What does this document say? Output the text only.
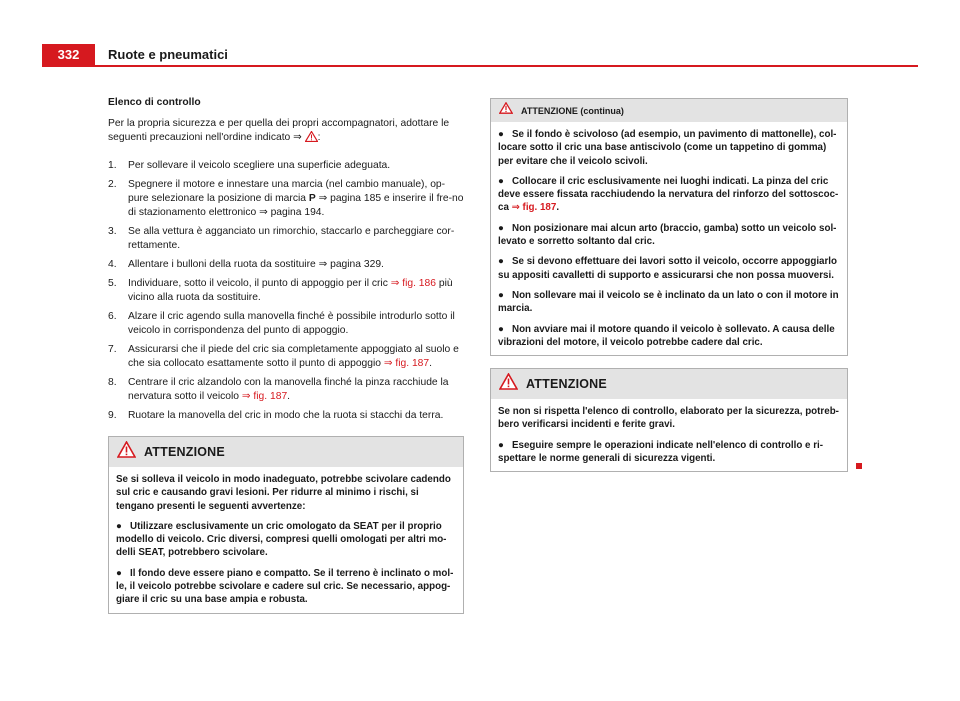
332	Ruote e pneumatici
Elenco di controllo

Per la propria sicurezza e per quella dei propri accompagnatori, adottare le seguenti precauzioni nell'ordine indicato ⇒ :

1. Per sollevare il veicolo scegliere una superficie adeguata.
2. Spegnere il motore e innestare una marcia (nel cambio manuale), op-pure selezionare la posizione di marcia P ⇒ pagina 185 e inserire il fre-no di stazionamento elettronico ⇒ pagina 194.
3. Se alla vettura è agganciato un rimorchio, staccarlo e parcheggiare cor-rettamente.
4. Allentare i bulloni della ruota da sostituire ⇒ pagina 329.
5. Individuare, sotto il veicolo, il punto di appoggio per il cric ⇒ fig. 186 più vicino alla ruota da sostituire.
6. Alzare il cric agendo sulla manovella finché è possibile introdurlo sotto il veicolo in corrispondenza del punto di appoggio.
7. Assicurarsi che il piede del cric sia completamente appoggiato al suolo e che sia collocato esattamente sotto il punto di appoggio ⇒ fig. 187.
8. Centrare il cric alzandolo con la manovella finché la pinza racchiude la nervatura sotto il veicolo ⇒ fig. 187.
9. Ruotare la manovella del cric in modo che la ruota si stacchi da terra.
ATTENZIONE

Se si solleva il veicolo in modo inadeguato, potrebbe scivolare cadendo sul cric e causando gravi lesioni. Per ridurre al minimo i rischi, si tengano presenti le seguenti avvertenze:

● Utilizzare esclusivamente un cric omologato da SEAT per il proprio modello di veicolo. Cric diversi, compresi quelli omologati per altri mo-delli SEAT, potrebbero scivolare.

● Il fondo deve essere piano e compatto. Se il terreno è inclinato o mol-le, il veicolo potrebbe scivolare e cadere sul cric. Se necessario, appog-giare il cric su una base ampia e robusta.

ATTENZIONE (continua)

● Se il fondo è scivoloso (ad esempio, un pavimento di mattonelle), col-locare sotto il cric una base antiscivolo (come un tappetino di gomma) per evitare che il veicolo scivoli.

● Collocare il cric esclusivamente nei luoghi indicati. La pinza del cric deve essere fissata racchiudendo la nervatura del rinforzo del sottoscoc-ca ⇒ fig. 187.

● Non posizionare mai alcun arto (braccio, gamba) sotto un veicolo sol-levato e sorretto soltanto dal cric.

● Se si devono effettuare dei lavori sotto il veicolo, occorre appoggiarlo su appositi cavalletti di supporto e assicurarsi che non possa muoversi.

● Non sollevare mai il veicolo se è inclinato da un lato o con il motore in marcia.

● Non avviare mai il motore quando il veicolo è sollevato. A causa delle vibrazioni del motore, il veicolo potrebbe cadere dal cric.

ATTENZIONE

Se non si rispetta l'elenco di controllo, elaborato per la sicurezza, potreb-bero verificarsi incidenti e ferite gravi.

● Eseguire sempre le operazioni indicate nell'elenco di controllo e ri-spettare le norme generali di sicurezza vigenti.
